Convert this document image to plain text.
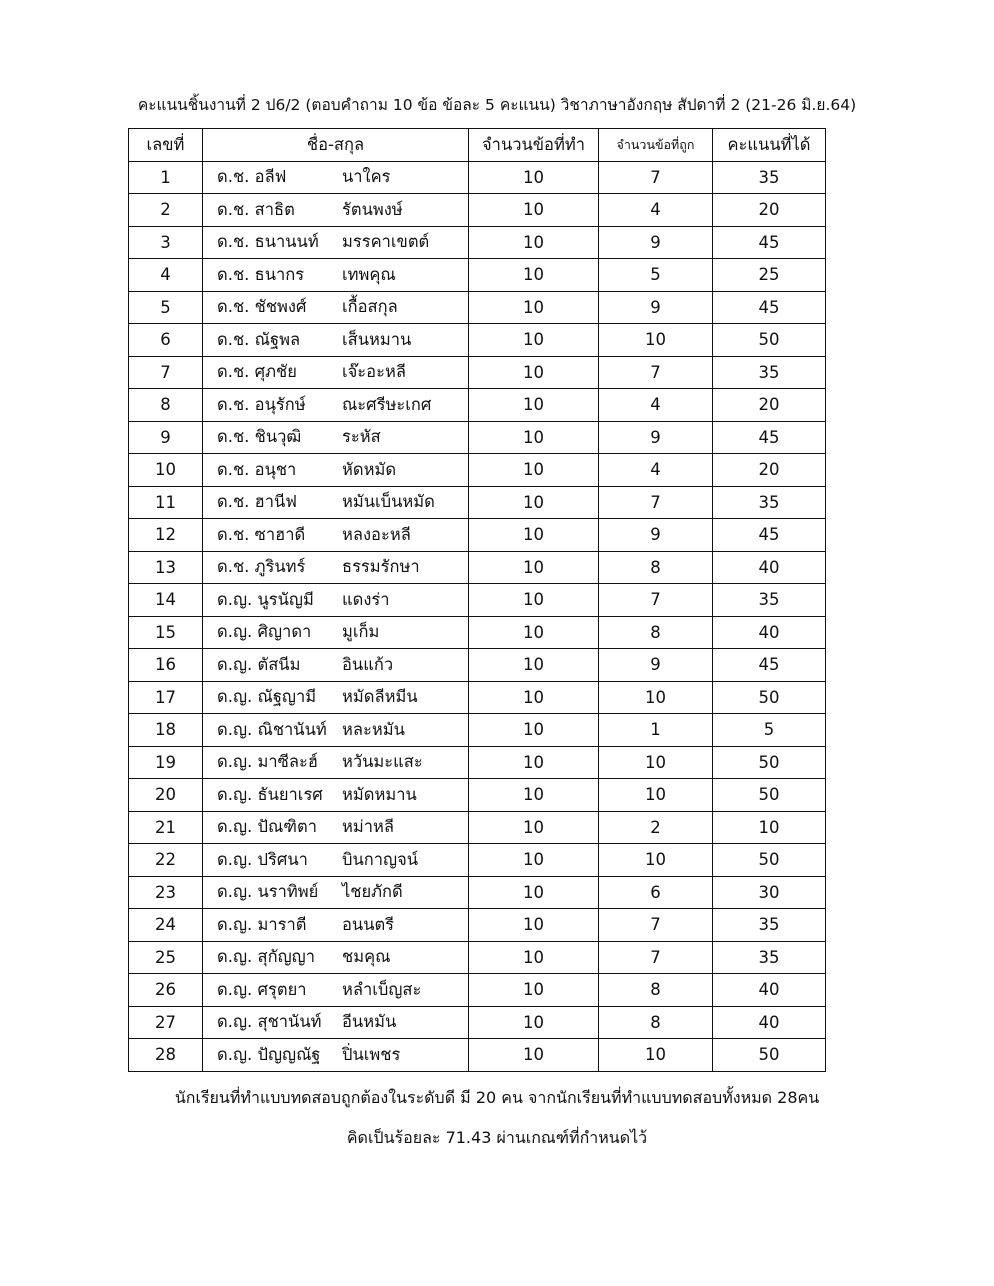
คะแนนชิ้นงานที่ 2 ป6/2 (ตอบคำถาม 10 ข้อ ข้อละ 5 คะแนน) วิชาภาษาอังกฤษ สัปดาที่ 2 (21-26 มิ.ย.64)
เลขที่	ชื่อ-สกุล	จำนวนข้อที่ทำ	จำนวนข้อที่ถูก	คะแนนที่ได้
1	ด.ช. อลีฟ นาใคร	10	7	35
2	ด.ช. สาธิต รัตนพงษ์	10	4	20
3	ด.ช. ธนานนท์ มรรคาเขตต์	10	9	45
4	ด.ช. ธนากร เทพคุณ	10	5	25
5	ด.ช. ชัชพงศ์ เกื้อสกุล	10	9	45
6	ด.ช. ณัฐพล เส็นหมาน	10	10	50
7	ด.ช. ศุภชัย เจ๊ะอะหลี	10	7	35
8	ด.ช. อนุรักษ์ ณะศรีษะเกศ	10	4	20
9	ด.ช. ชินวุฒิ ระหัส	10	9	45
10	ด.ช. อนุชา หัดหมัด	10	4	20
11	ด.ช. ฮานีฟ หมันเบ็นหมัด	10	7	35
12	ด.ช. ซาฮาดี หลงอะหลี	10	9	45
13	ด.ช. ภูรินทร์ ธรรมรักษา	10	8	40
14	ด.ญ. นูรนัญมี แดงร่า	10	7	35
15	ด.ญ. ศิญาดา มูเก็ม	10	8	40
16	ด.ญ. ตัสนีม อินแก้ว	10	9	45
17	ด.ญ. ณัฐญามี หมัดลีหมีน	10	10	50
18	ด.ญ. ณิชานันท์ หละหมัน	10	1	5
19	ด.ญ. มาซีละฮ์ หวันมะแสะ	10	10	50
20	ด.ญ. ธันยาเรศ หมัดหมาน	10	10	50
21	ด.ญ. ปัณฑิตา หม่าหลี	10	2	10
22	ด.ญ. ปริศนา บินกาญจน์	10	10	50
23	ด.ญ. นราทิพย์ ไชยภักดี	10	6	30
24	ด.ญ. มาราตี อนนตรี	10	7	35
25	ด.ญ. สุกัญญา ชมคุณ	10	7	35
26	ด.ญ. ศรุตยา หลำเบ็ญสะ	10	8	40
27	ด.ญ. สุชานันท์ อีนหมัน	10	8	40
28	ด.ญ. ปัญญณัฐ ปิ่นเพชร	10	10	50
นักเรียนที่ทำแบบทดสอบถูกต้องในระดับดี มี 20 คน จากนักเรียนที่ทำแบบทดสอบทั้งหมด 28คน
คิดเป็นร้อยละ 71.43 ผ่านเกณฑ์ที่กำหนดไว้
